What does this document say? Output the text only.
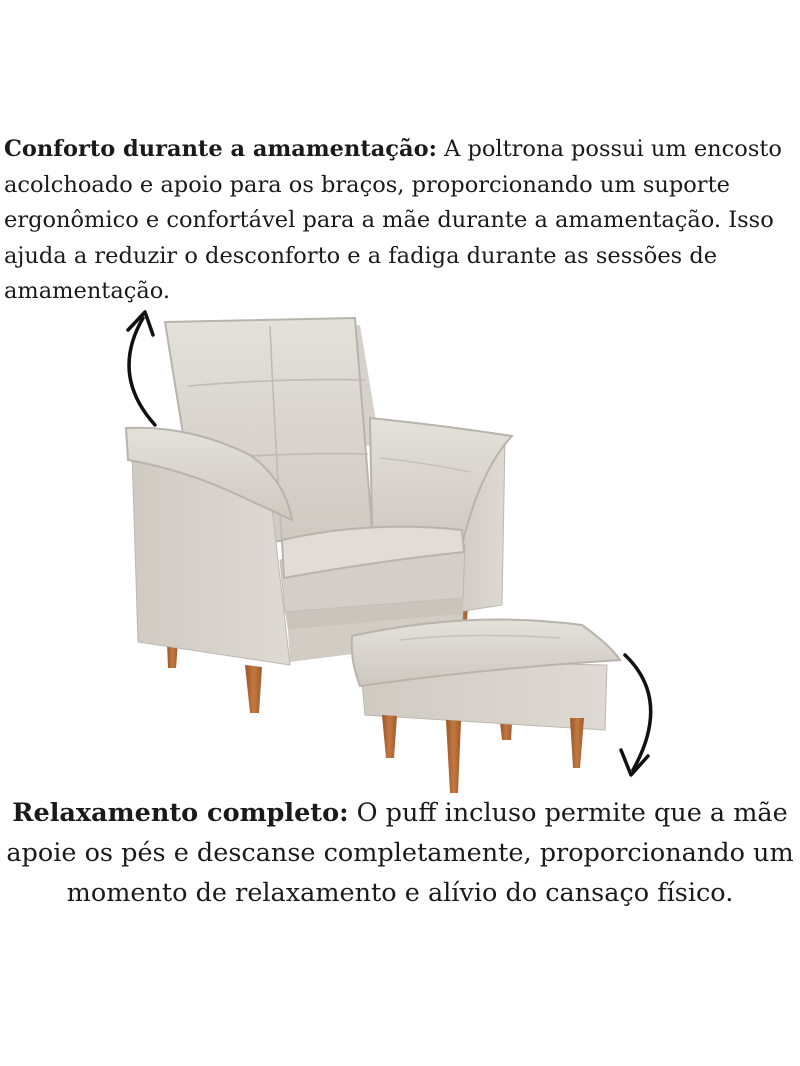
Conforto durante a amamentação: A poltrona possui um encosto acolchoado e apoio para os braços, proporcionando um suporte ergonômico e confortável para a mãe durante a amamentação. Isso ajuda a reduzir o desconforto e a fadiga durante as sessões de amamentação.

Relaxamento completo: O puff incluso permite que a mãe apoie os pés e descanse completamente, proporcionando um momento de relaxamento e alívio do cansaço físico.
